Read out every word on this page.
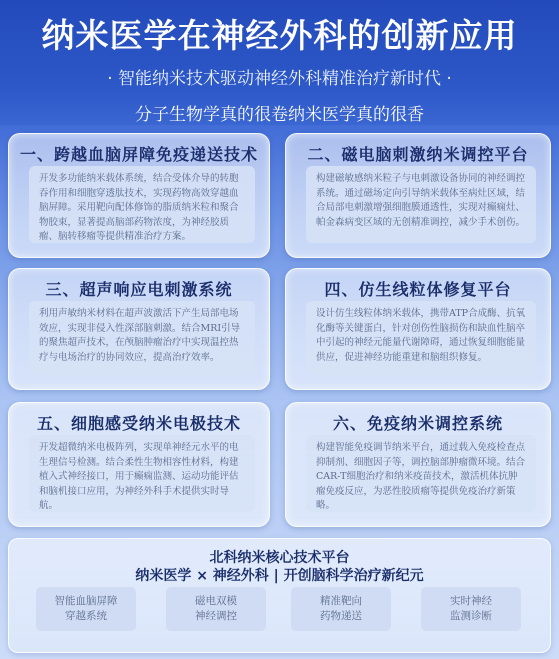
纳米医学在神经外科的创新应用
· 智能纳米技术驱动神经外科精准治疗新时代 ·
分子生物学真的很卷纳米医学真的很香
一、跨越血脑屏障免疫递送技术
开发多功能纳米载体系统，结合受体介导的转胞吞作用和细胞穿透肽技术，实现药物高效穿越血脑屏障。采用靶向配体修饰的脂质纳米粒和聚合物胶束，显著提高脑部药物浓度，为神经胶质瘤、脑转移瘤等提供精准治疗方案。
二、磁电脑刺激纳米调控平台
构建磁敏感纳米粒子与电刺激设备协同的神经调控系统。通过磁场定向引导纳米载体至病灶区域，结合局部电刺激增强细胞膜通透性，实现对癫痫灶、帕金森病变区域的无创精准调控，减少手术创伤。
三、超声响应电刺激系统
利用声敏纳米材料在超声波激活下产生局部电场效应，实现非侵入性深部脑刺激。结合MRI引导的聚焦超声技术，在颅脑肿瘤治疗中实现温控热疗与电场治疗的协同效应，提高治疗效率。
四、仿生线粒体修复平台
设计仿生线粒体纳米载体，携带ATP合成酶、抗氧化酶等关键蛋白，针对创伤性脑损伤和缺血性脑卒中引起的神经元能量代谢障碍，通过恢复细胞能量供应，促进神经功能重建和脑组织修复。
五、细胞感受纳米电极技术
开发超微纳米电极阵列，实现单神经元水平的电生理信号检测。结合柔性生物相容性材料，构建植入式神经接口，用于癫痫监测、运动功能评估和脑机接口应用，为神经外科手术提供实时导航。
六、免疫纳米调控系统
构建智能免疫调节纳米平台，通过载入免疫检查点抑制剂、细胞因子等，调控脑部肿瘤微环境。结合CAR-T细胞治疗和纳米疫苗技术，激活机体抗肿瘤免疫反应，为恶性胶质瘤等提供免疫治疗新策略。
北科纳米核心技术平台
纳米医学 × 神经外科 | 开创脑科学治疗新纪元
智能血脑屏障
穿越系统
磁电双模
神经调控
精准靶向
药物递送
实时神经
监测诊断
